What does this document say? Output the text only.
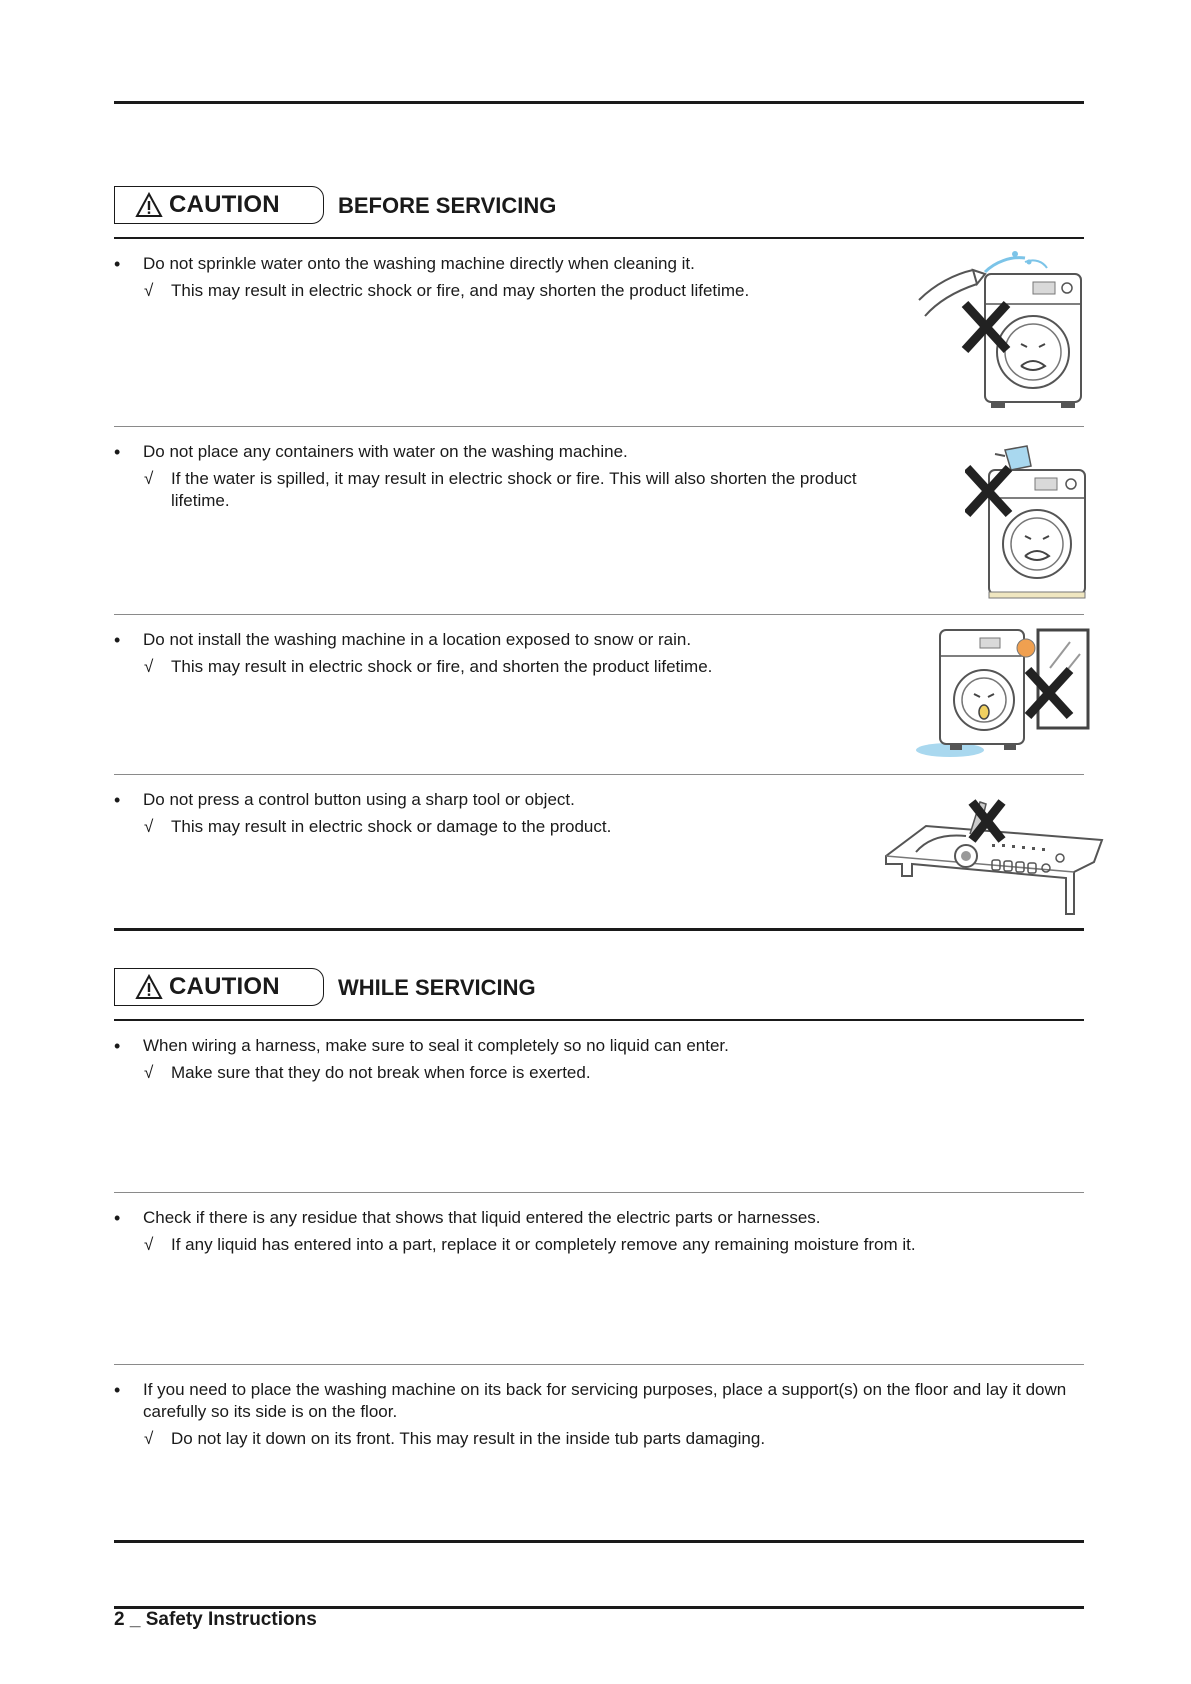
CAUTION	BEFORE SERVICING
• Do not sprinkle water onto the washing machine directly when cleaning it.
√ This may result in electric shock or fire, and may shorten the product lifetime.
• Do not place any containers with water on the washing machine.
√ If the water is spilled, it may result in electric shock or fire. This will also shorten the product lifetime.
• Do not install the washing machine in a location exposed to snow or rain.
√ This may result in electric shock or fire, and shorten the product lifetime.
• Do not press a control button using a sharp tool or object.
√ This may result in electric shock or damage to the product.
CAUTION	WHILE SERVICING
• When wiring a harness, make sure to seal it completely so no liquid can enter.
√ Make sure that they do not break when force is exerted.
• Check if there is any residue that shows that liquid entered the electric parts or harnesses.
√ If any liquid has entered into a part, replace it or completely remove any remaining moisture from it.
• If you need to place the washing machine on its back for servicing purposes, place a support(s) on the floor and lay it down carefully so its side is on the floor.
√ Do not lay it down on its front. This may result in the inside tub parts damaging.
2 _ Safety Instructions
